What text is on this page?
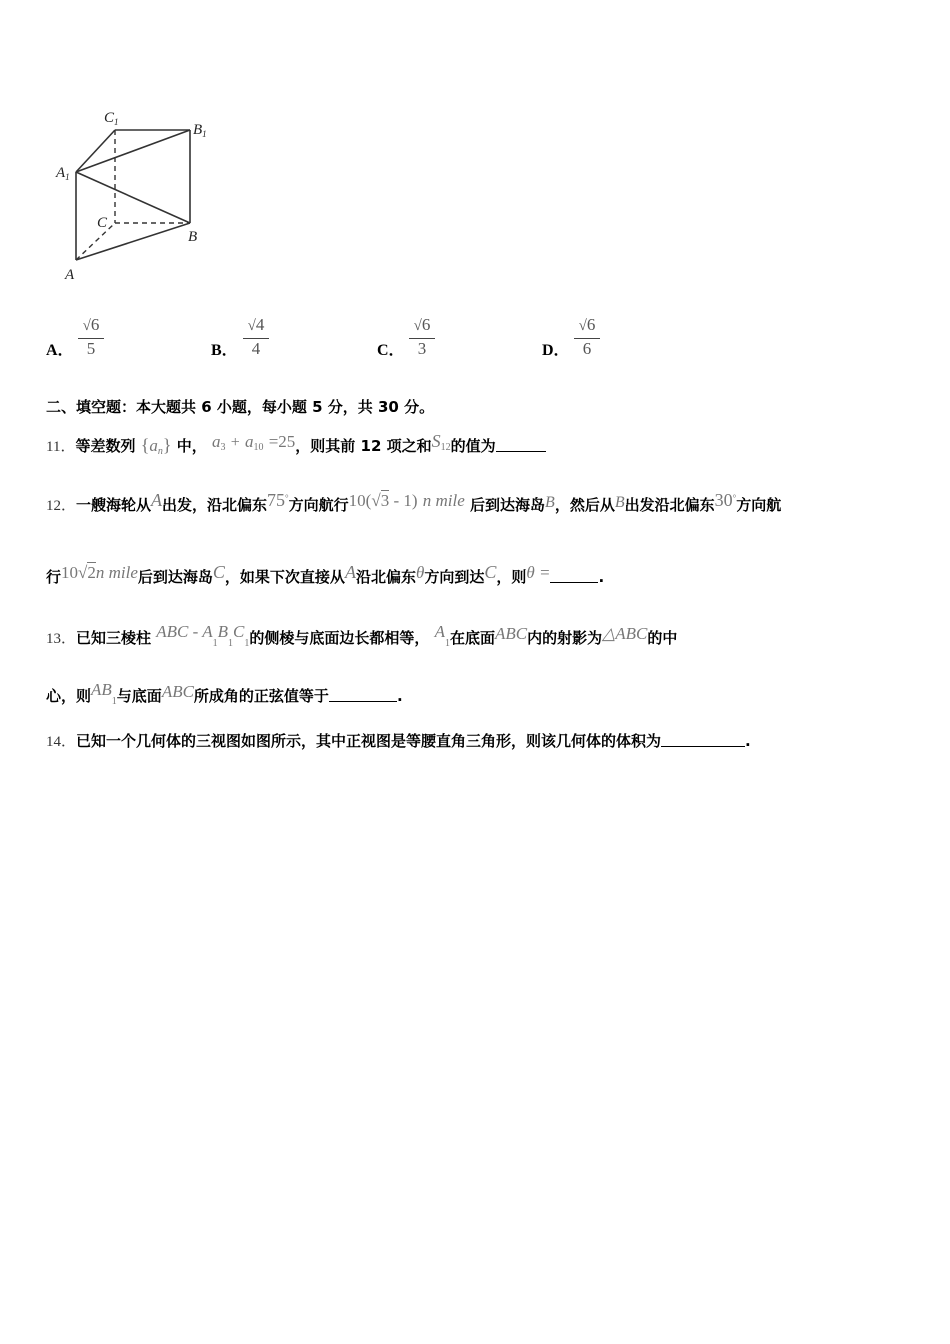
$C_1$	$B_1$
$A_1$
C
B
A
A．
√6
5	B．
√4
4	C．
√6
3	D．
√6
6
二、填空题：本大题共 6 小题，每小题 5 分，共 30 分。
11．等差数列 $\{a_n\}$ 中， a3 + a10 =25，则其前 12 项之和S12的值为
12．一艘海轮从A出发，沿北偏东75°方向航行10(√3 - 1) n mile 后到达海岛B，然后从B出发沿北偏东30°方向航
行10√2n mile后到达海岛C，如果下次直接从A沿北偏东θ方向到达C，则θ =	.
13．已知三棱柱 ABC - $A_1B_1C_1$的侧棱与底面边长都相等， $A_1$在底面ABC内的射影为△ABC的中
心，则$AB_1$与底面ABC所成角的正弦值等于	.
14．已知一个几何体的三视图如图所示，其中正视图是等腰直角三角形，则该几何体的体积为	.
